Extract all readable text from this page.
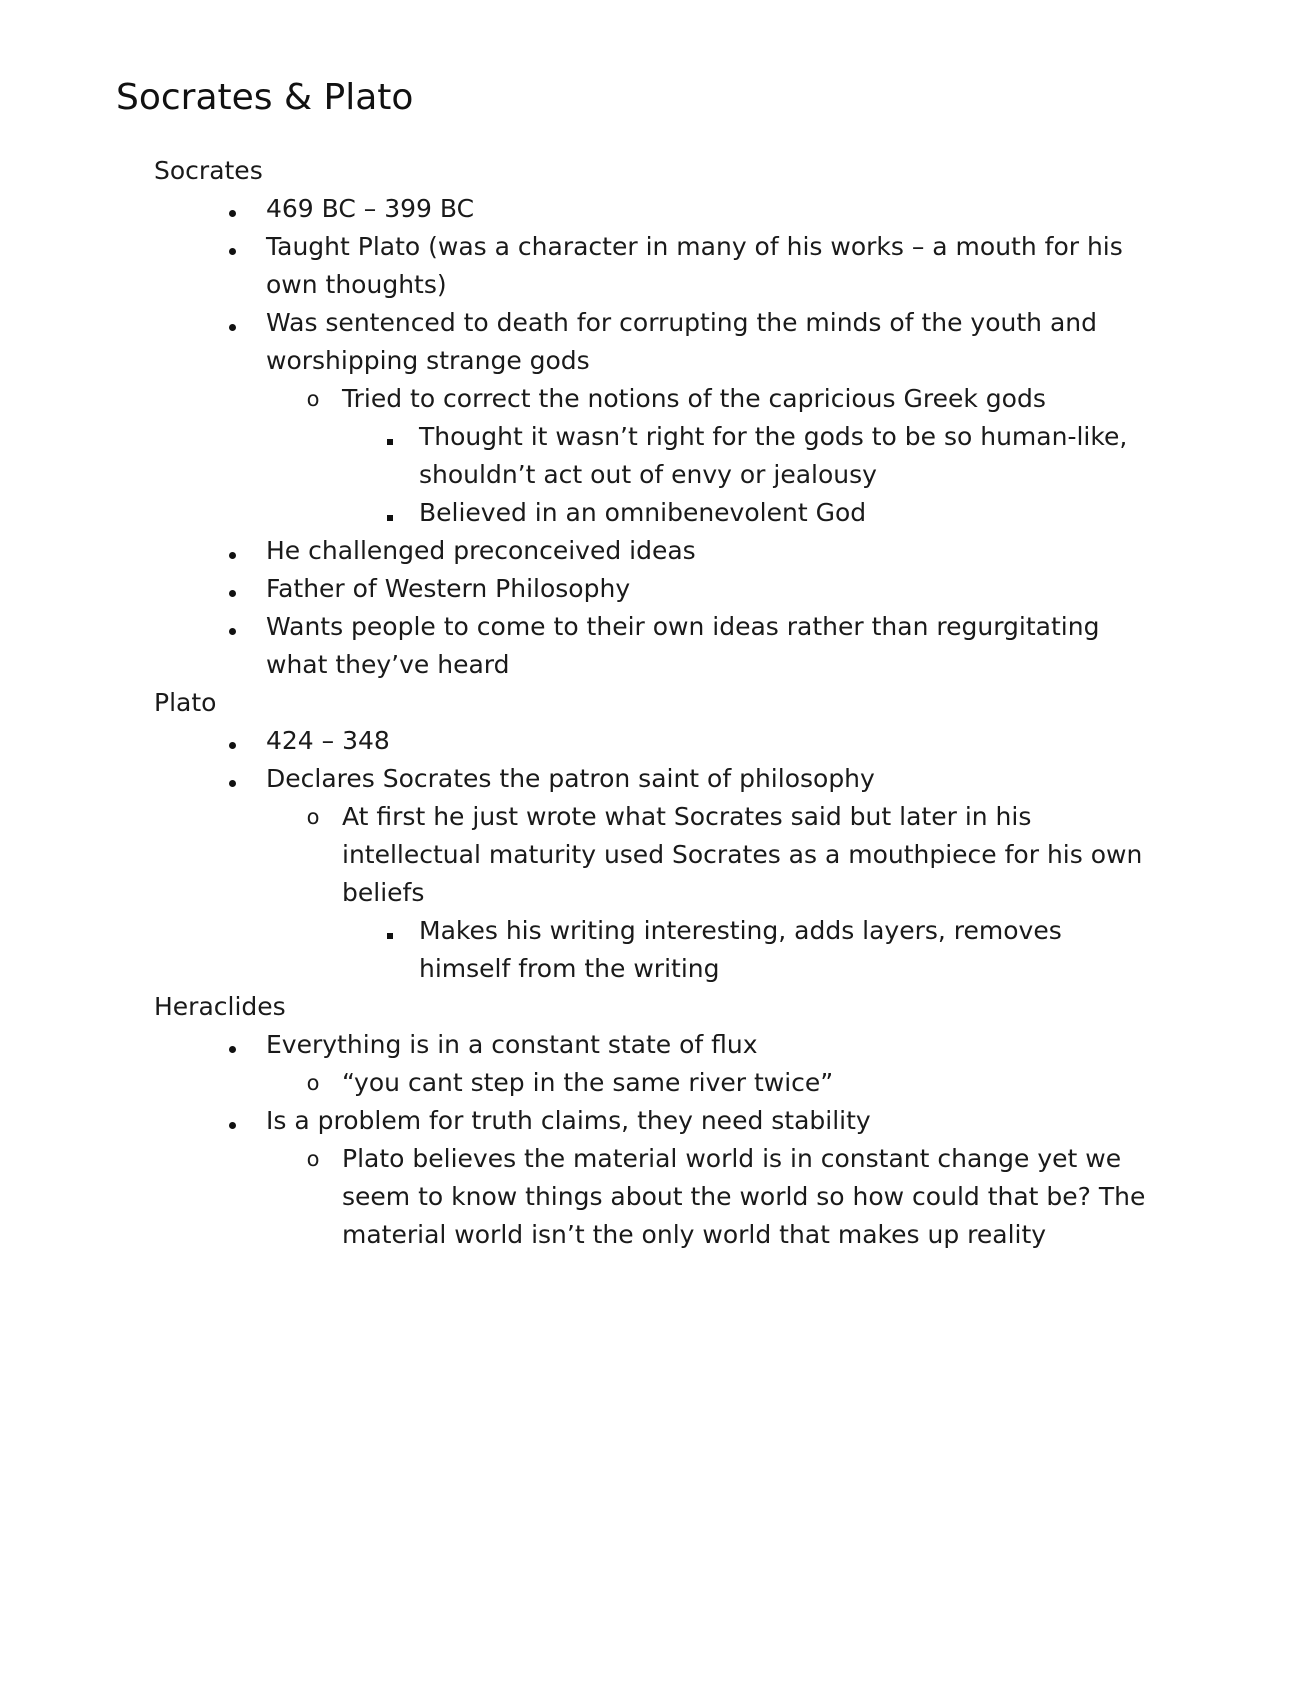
Socrates & Plato
Socrates
469 BC – 399 BC
Taught Plato (was a character in many of his works – a mouth for his own thoughts)
Was sentenced to death for corrupting the minds of the youth and worshipping strange gods
o Tried to correct the notions of the capricious Greek gods
Thought it wasn’t right for the gods to be so human-like, shouldn’t act out of envy or jealousy
Believed in an omnibenevolent God
He challenged preconceived ideas
Father of Western Philosophy
Wants people to come to their own ideas rather than regurgitating what they’ve heard
Plato
424 – 348
Declares Socrates the patron saint of philosophy
o At first he just wrote what Socrates said but later in his intellectual maturity used Socrates as a mouthpiece for his own beliefs
Makes his writing interesting, adds layers, removes himself from the writing
Heraclides
Everything is in a constant state of flux
o “you cant step in the same river twice”
Is a problem for truth claims, they need stability
o Plato believes the material world is in constant change yet we seem to know things about the world so how could that be? The material world isn’t the only world that makes up reality
